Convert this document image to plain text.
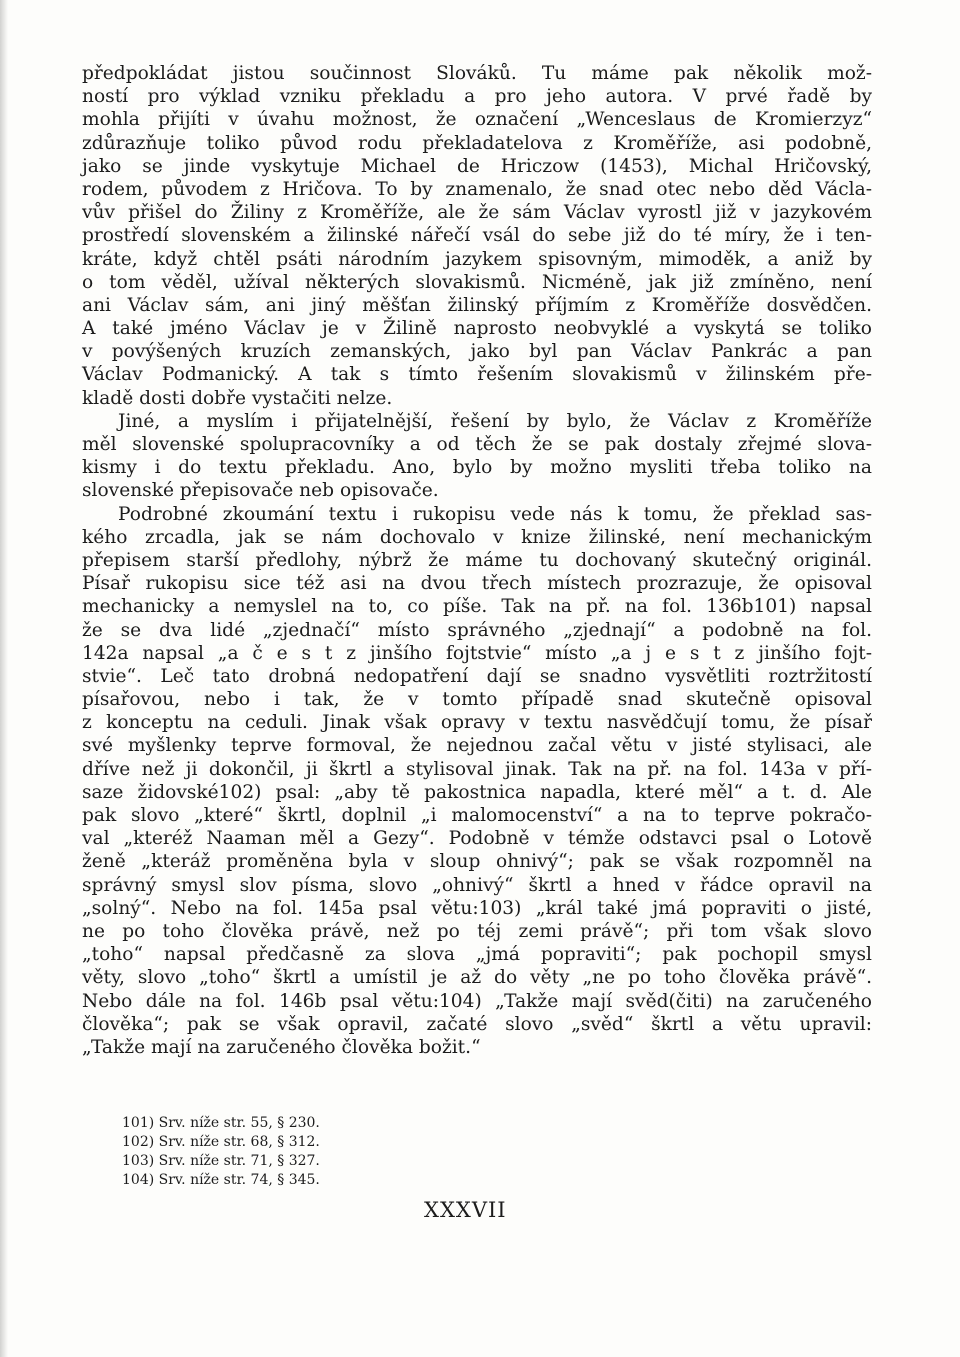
předpokládat jistou součinnost Slováků. Tu máme pak několik mož-
ností pro výklad vzniku překladu a pro jeho autora. V prvé řadě by
mohla přijíti v úvahu možnost, že označení „Wenceslaus de Kromierzyz“
zdůrazňuje toliko původ rodu překladatelova z Kroměříže, asi podobně,
jako se jinde vyskytuje Michael de Hriczow (1453), Michal Hričovský,
rodem, původem z Hričova. To by znamenalo, že snad otec nebo děd Václa-
vův přišel do Žiliny z Kroměříže, ale že sám Václav vyrostl již v jazykovém
prostředí slovenském a žilinské nářečí vsál do sebe již do té míry, že i ten-
kráte, když chtěl psáti národním jazykem spisovným, mimoděk, a aniž by
o tom věděl, užíval některých slovakismů. Nicméně, jak již zmíněno, není
ani Václav sám, ani jiný měšťan žilinský příjmím z Kroměříže dosvědčen.
A také jméno Václav je v Žilině naprosto neobvyklé a vyskytá se toliko
v povýšených kruzích zemanských, jako byl pan Václav Pankrác a pan
Václav Podmanický. A tak s tímto řešením slovakismů v žilinském pře-
kladě dosti dobře vystačiti nelze.
Jiné, a myslím i přijatelnější, řešení by bylo, že Václav z Kroměříže
měl slovenské spolupracovníky a od těch že se pak dostaly zřejmé slova-
kismy i do textu překladu. Ano, bylo by možno mysliti třeba toliko na
slovenské přepisovače neb opisovače.
Podrobné zkoumání textu i rukopisu vede nás k tomu, že překlad sas-
kého zrcadla, jak se nám dochovalo v knize žilinské, není mechanickým
přepisem starší předlohy, nýbrž že máme tu dochovaný skutečný originál.
Písař rukopisu sice též asi na dvou třech místech prozrazuje, že opisoval
mechanicky a nemyslel na to, co píše. Tak na př. na fol. 136b101) napsal
že se dva lidé „zjednačí“ místo správného „zjednají“ a podobně na fol.
142a napsal „a č e s t z jinšího fojtstvie“ místo „a j e s t z jinšího fojt-
stvie“. Leč tato drobná nedopatření dají se snadno vysvětliti roztržitostí
písařovou, nebo i tak, že v tomto případě snad skutečně opisoval
z konceptu na ceduli. Jinak však opravy v textu nasvědčují tomu, že písař
své myšlenky teprve formoval, že nejednou začal větu v jisté stylisaci, ale
dříve než ji dokončil, ji škrtl a stylisoval jinak. Tak na př. na fol. 143a v pří-
saze židovské102) psal: „aby tě pakostnica napadla, které měl“ a t. d. Ale
pak slovo „které“ škrtl, doplnil „i malomocenství“ a na to teprve pokračo-
val „kteréž Naaman měl a Gezy“. Podobně v témže odstavci psal o Lotově
ženě „kteráž proměněna byla v sloup ohnivý“; pak se však rozpomněl na
správný smysl slov písma, slovo „ohnivý“ škrtl a hned v řádce opravil na
„solný“. Nebo na fol. 145a psal větu:103) „král také jmá popraviti o jisté,
ne po toho člověka právě, než po téj zemi právě“; při tom však slovo
„toho“ napsal předčasně za slova „jmá popraviti“; pak pochopil smysl
věty, slovo „toho“ škrtl a umístil je až do věty „ne po toho člověka právě“.
Nebo dále na fol. 146b psal větu:104) „Takže mají svěd(čiti) na zaručeného
člověka“; pak se však opravil, začaté slovo „svěd“ škrtl a větu upravil:
„Takže mají na zaručeného člověka božit.“
101) Srv. níže str. 55, § 230.
102) Srv. níže str. 68, § 312.
103) Srv. níže str. 71, § 327.
104) Srv. níže str. 74, § 345.
XXXVII
